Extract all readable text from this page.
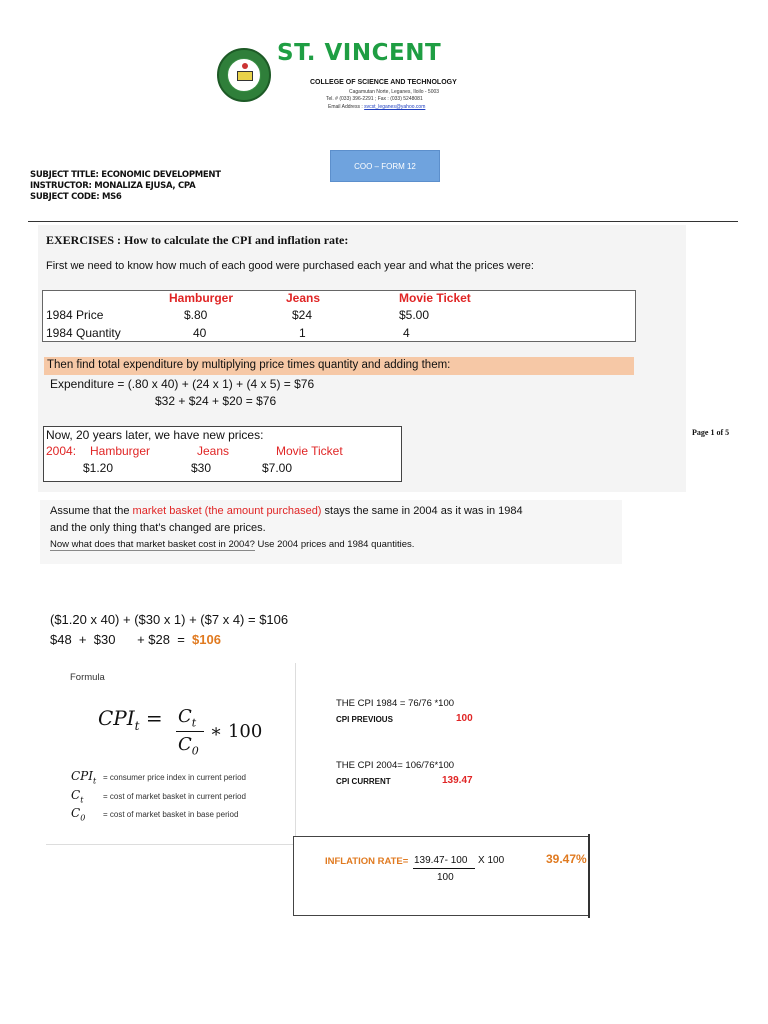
ST. VINCENT
COLLEGE OF SCIENCE AND TECHNOLOGY
Cagamutan Norte, Leganes, Iloilo - 5003
Tel. # (033) 396-2291 ; Fax : (033) 5248081
Email Address : svcst_leganes@yahoo.com
COO – FORM 12
SUBJECT TITLE: ECONOMIC DEVELOPMENT
INSTRUCTOR: MONALIZA EJUSA, CPA
SUBJECT CODE: MS6
EXERCISES : How to calculate the CPI and inflation rate:
First we need to know how much of each good were purchased each year and what the prices were:
Hamburger	Jeans	Movie Ticket
1984 Price	$.80	$24	$5.00
1984 Quantity	40	1	4
Then find total expenditure by multiplying price times quantity and adding them:
Expenditure = (.80 x 40) + (24 x 1) + (4 x 5) = $76
$32 + $24 + $20 = $76
Now, 20 years later, we have new prices:
2004: Hamburger	Jeans	Movie Ticket
$1.20	$30	$7.00
Page 1 of 5
Assume that the market basket (the amount purchased) stays the same in 2004 as it was in 1984
and the only thing that’s changed are prices.
Now what does that market basket cost in 2004? Use 2004 prices and 1984 quantities.
($1.20 x 40) + ($30 x 1) + ($7 x 4) = $106
$48  +  $30      + $28  =  $106
Formula
$CPI_t = C_t$
$C_0$
∗ 100
$CPI_t$ = consumer price index in current period
$C_t = \cos t$ of market basket in current period
$C_0 = \cos t$ of market basket in base period
THE CPI 1984 = 76/76 *100
CPI PREVIOUS	100
THE CPI 2004= 106/76*100
CPI CURRENT	139.47
INFLATION RATE= 139.47- 100
100
X 100	39.47%
